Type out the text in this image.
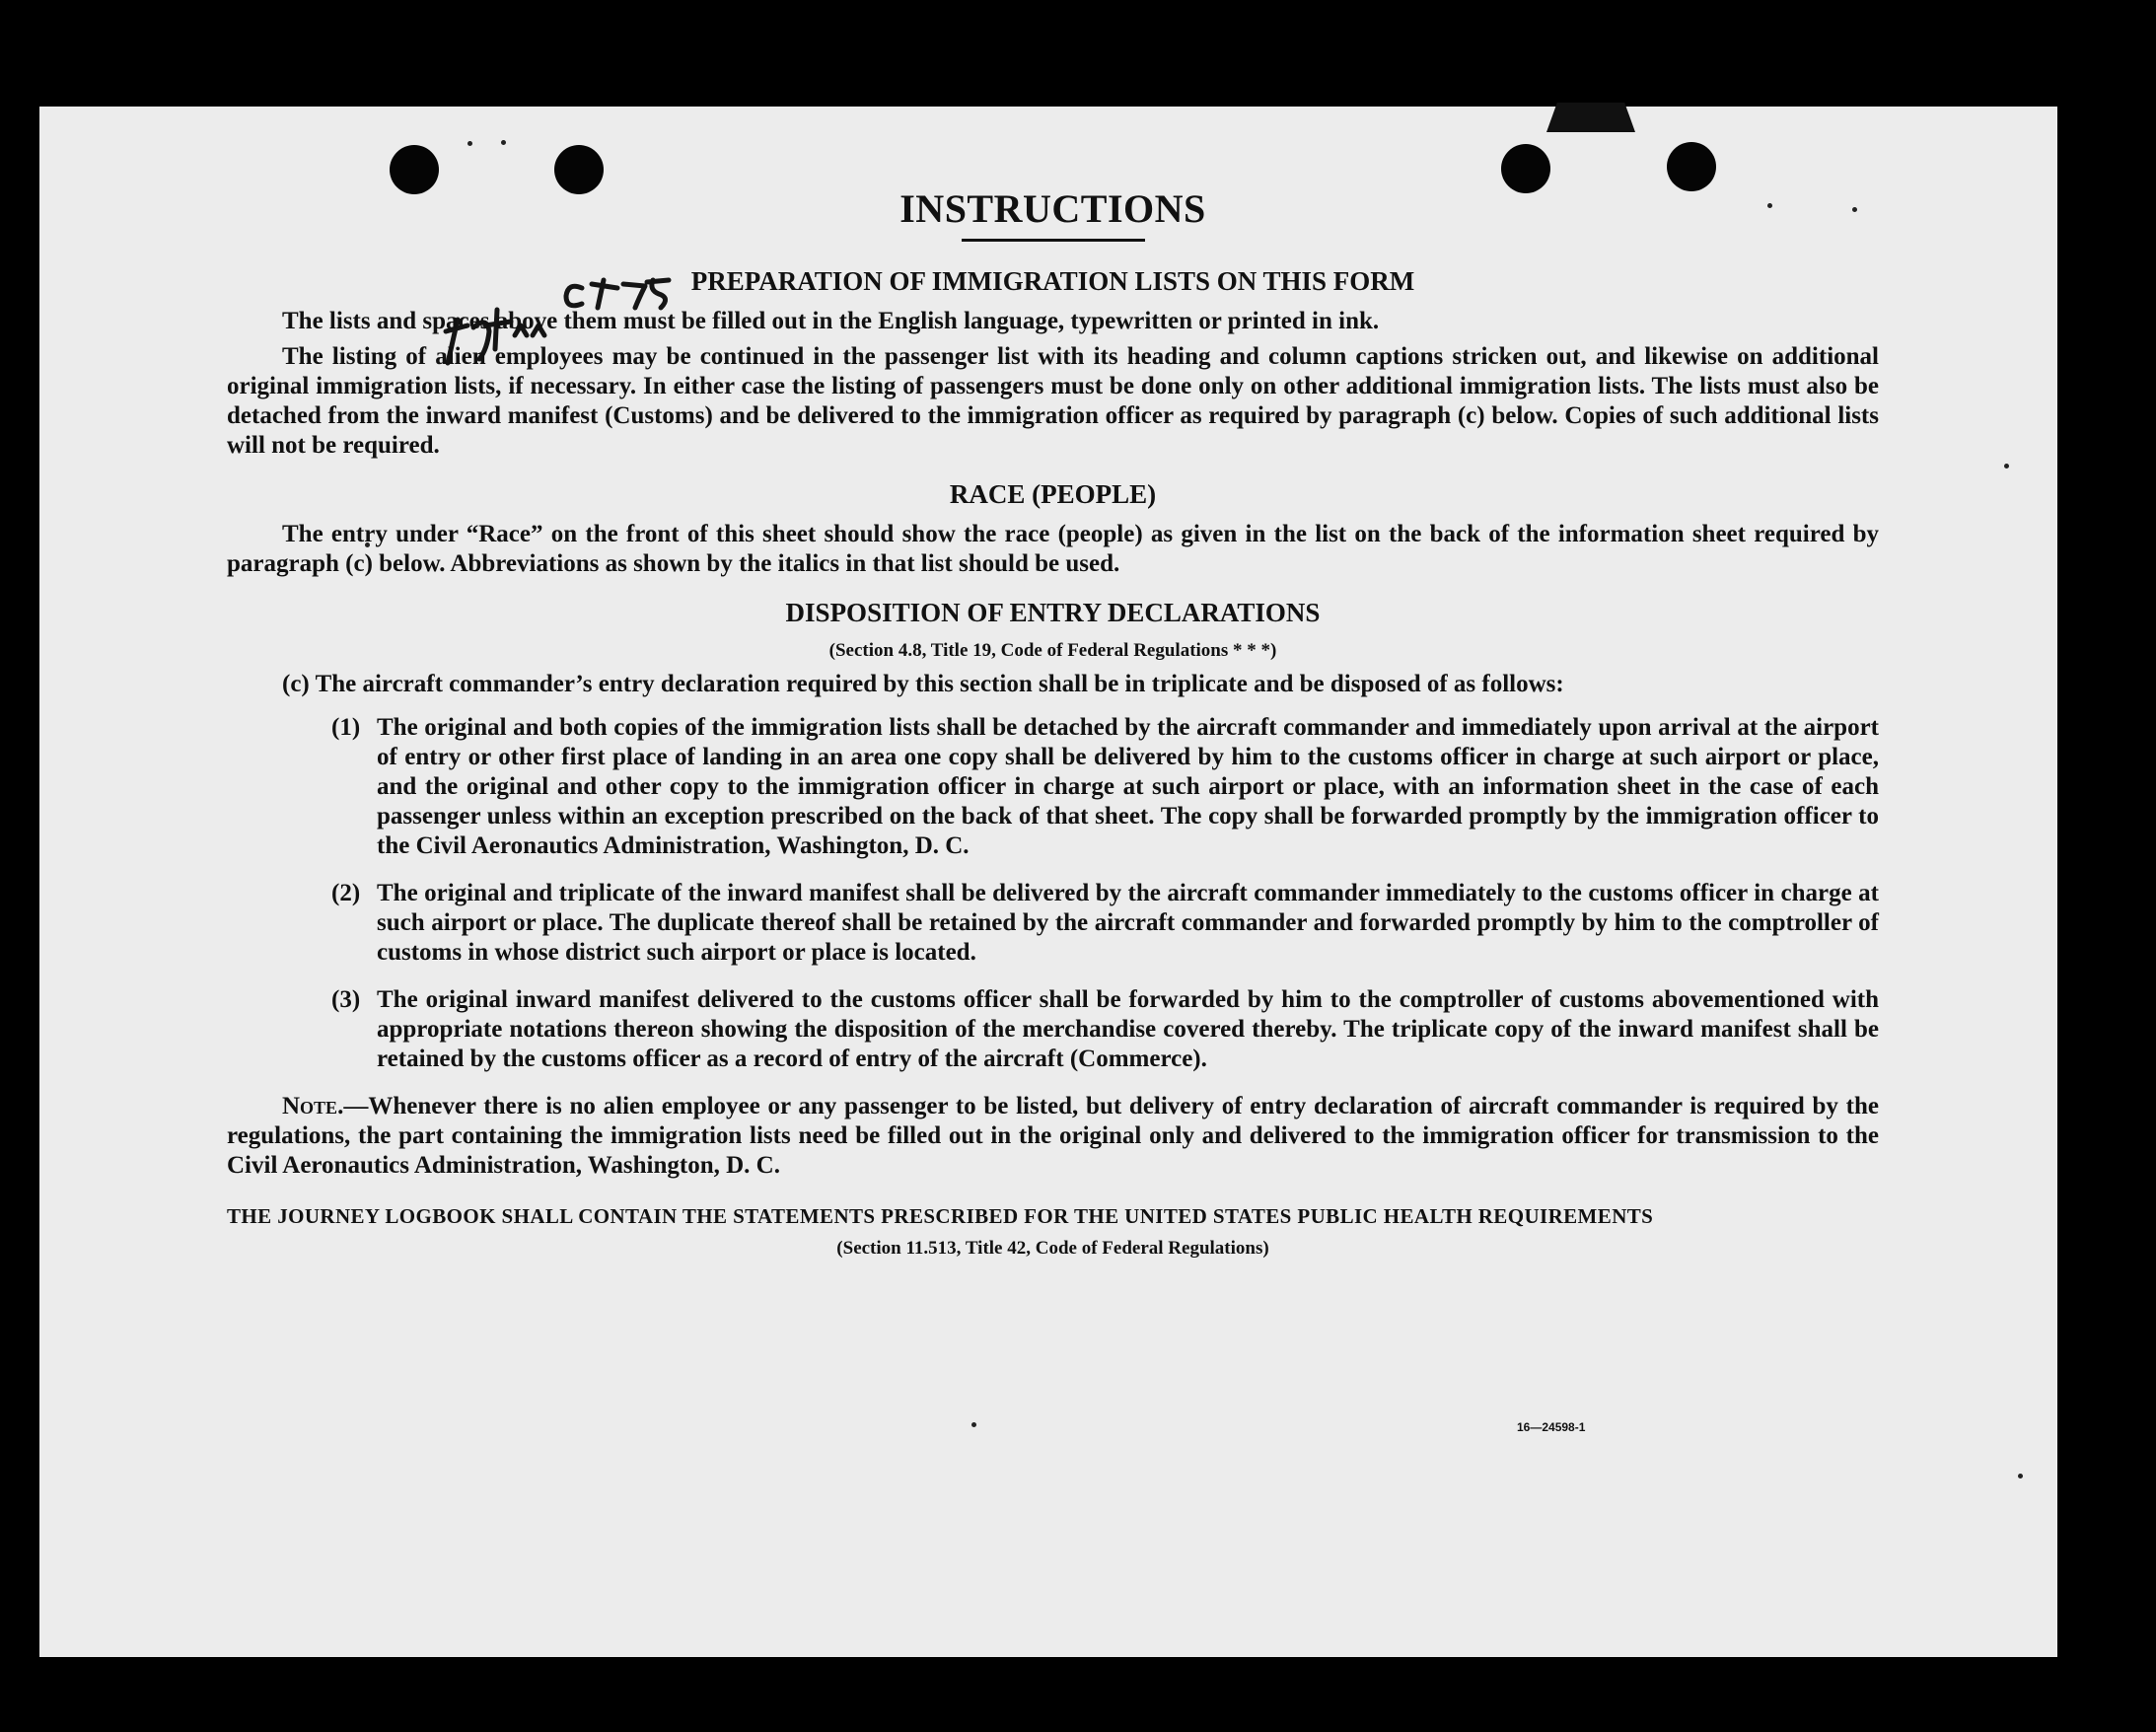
INSTRUCTIONS
PREPARATION OF IMMIGRATION LISTS ON THIS FORM

The lists and spaces above them must be filled out in the English language, typewritten or printed in ink.

The listing of alien employees may be continued in the passenger list with its heading and column captions stricken out, and likewise on additional original immigration lists, if necessary. In either case the listing of passengers must be done only on other additional immigration lists. The lists must also be detached from the inward manifest (Customs) and be delivered to the immigration officer as required by paragraph (c) below. Copies of such additional lists will not be required.

RACE (PEOPLE)

The entry under “Race” on the front of this sheet should show the race (people) as given in the list on the back of the information sheet required by paragraph (c) below. Abbreviations as shown by the italics in that list should be used.

DISPOSITION OF ENTRY DECLARATIONS
(Section 4.8, Title 19, Code of Federal Regulations * * *)

(c) The aircraft commander’s entry declaration required by this section shall be in triplicate and be disposed of as follows:

(1) The original and both copies of the immigration lists shall be detached by the aircraft commander and immediately upon arrival at the airport of entry or other first place of landing in an area one copy shall be delivered by him to the customs officer in charge at such airport or place, and the original and other copy to the immigration officer in charge at such airport or place, with an information sheet in the case of each passenger unless within an exception prescribed on the back of that sheet. The copy shall be forwarded promptly by the immigration officer to the Civil Aeronautics Administration, Washington, D. C.
(2) The original and triplicate of the inward manifest shall be delivered by the aircraft commander immediately to the customs officer in charge at such airport or place. The duplicate thereof shall be retained by the aircraft commander and forwarded promptly by him to the comptroller of customs in whose district such airport or place is located.
(3) The original inward manifest delivered to the customs officer shall be forwarded by him to the comptroller of customs abovementioned with appropriate notations thereon showing the disposition of the merchandise covered thereby. The triplicate copy of the inward manifest shall be retained by the customs officer as a record of entry of the aircraft (Commerce).

Note.—Whenever there is no alien employee or any passenger to be listed, but delivery of entry declaration of aircraft commander is required by the regulations, the part containing the immigration lists need be filled out in the original only and delivered to the immigration officer for transmission to the Civil Aeronautics Administration, Washington, D. C.

THE JOURNEY LOGBOOK SHALL CONTAIN THE STATEMENTS PRESCRIBED FOR THE UNITED STATES PUBLIC HEALTH REQUIREMENTS

(Section 11.513, Title 42, Code of Federal Regulations)

16—24598-1
